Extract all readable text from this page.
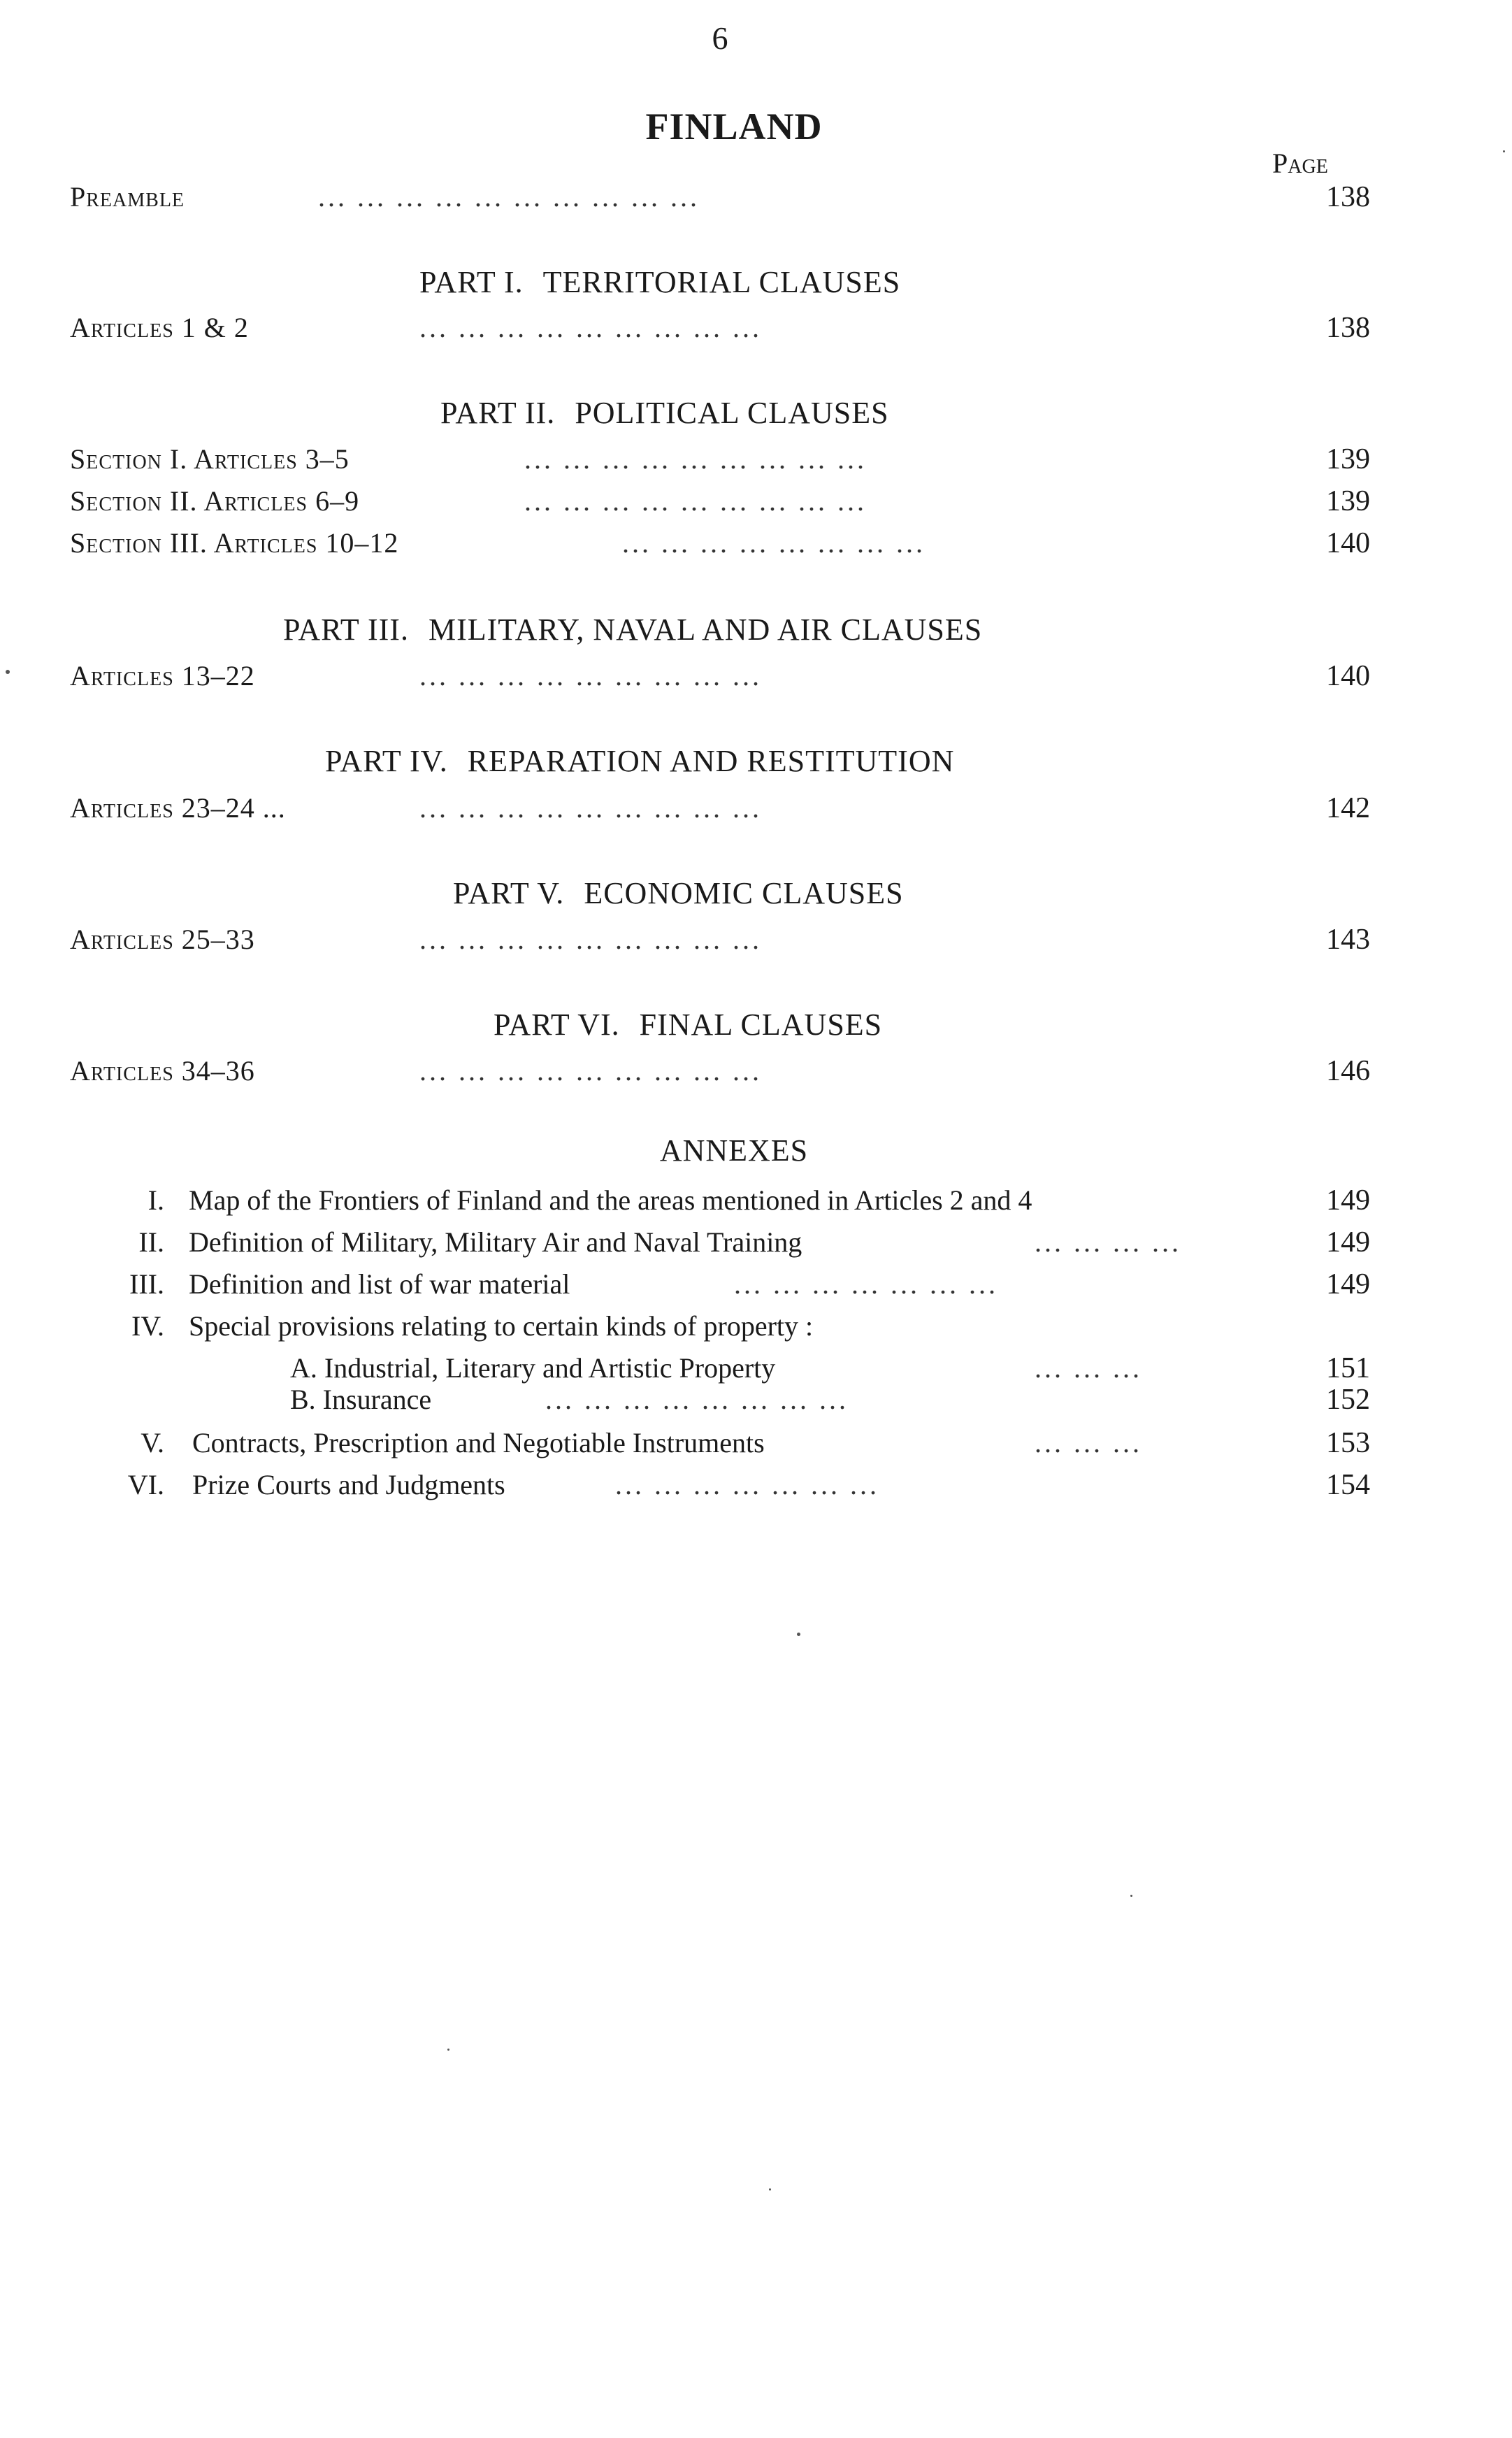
6
FINLAND
Page
Preamble	... ... ... ... ... ... ... ... ... ...	138
PART I. TERRITORIAL CLAUSES
Articles 1 & 2	... ... ... ... ... ... ... ... ...	138
PART II. POLITICAL CLAUSES
Section I. Articles 3–5	... ... ... ... ... ... ... ... ...	139
Section II. Articles 6–9	... ... ... ... ... ... ... ... ...	139
Section III. Articles 10–12	... ... ... ... ... ... ... ...	140
PART III. MILITARY, NAVAL AND AIR CLAUSES
Articles 13–22	... ... ... ... ... ... ... ... ...	140
PART IV. REPARATION AND RESTITUTION
Articles 23–24 ...	... ... ... ... ... ... ... ... ...	142
PART V. ECONOMIC CLAUSES
Articles 25–33	... ... ... ... ... ... ... ... ...	143
PART VI. FINAL CLAUSES
Articles 34–36	... ... ... ... ... ... ... ... ...	146
ANNEXES
I. Map of the Frontiers of Finland and the areas mentioned in Articles 2 and 4	149
II. Definition of Military, Military Air and Naval Training	... ... ... ...	149
III. Definition and list of war material	... ... ... ... ... ... ...	149
IV. Special provisions relating to certain kinds of property :
A. Industrial, Literary and Artistic Property	... ... ...	151
B. Insurance	... ... ... ... ... ... ... ...	152
V. Contracts, Prescription and Negotiable Instruments	... ... ...	153
VI. Prize Courts and Judgments	... ... ... ... ... ... ...	154
